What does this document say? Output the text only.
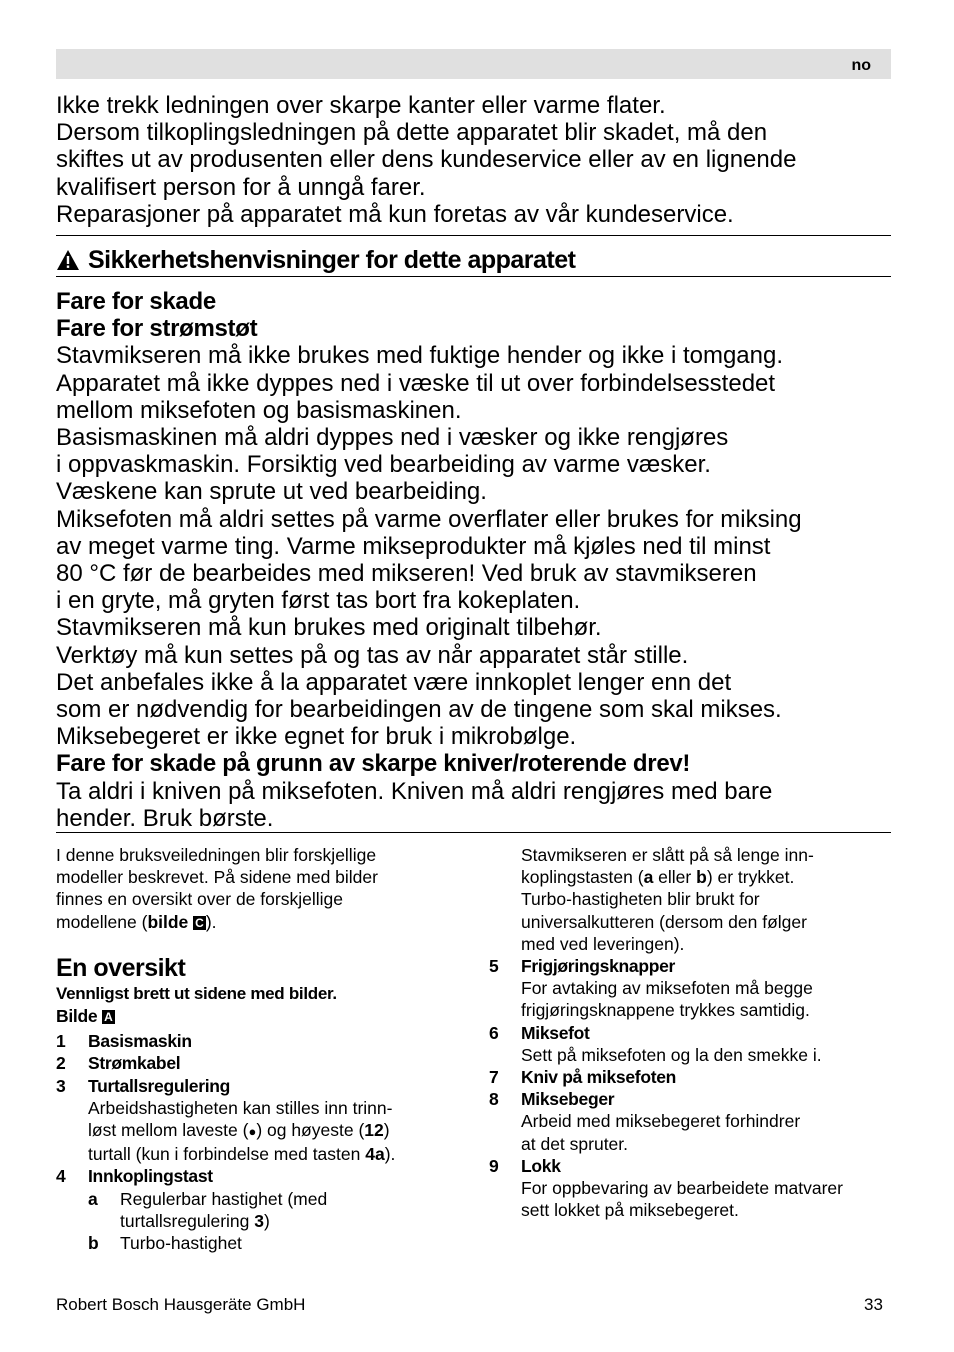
no

Ikke trekk ledningen over skarpe kanter eller varme flater.

Dersom tilkoplingsledningen på dette apparatet blir skadet, må den

skiftes ut av produsenten eller dens kundeservice eller av en lignende

kvalifisert person for å unngå farer.

Reparasjoner på apparatet må kun foretas av vår kundeservice.

Sikkerhetshenvisninger for dette apparatet

Fare for skade

Fare for strømstøt

Stavmikseren må ikke brukes med fuktige hender og ikke i tomgang.

Apparatet må ikke dyppes ned i væske til ut over forbindelsesstedet

mellom miksefoten og basismaskinen.

Basismaskinen må aldri dyppes ned i væsker og ikke rengjøres

i oppvaskmaskin. Forsiktig ved bearbeiding av varme væsker.

Væskene kan sprute ut ved bearbeiding.

Miksefoten må aldri settes på varme overflater eller brukes for miksing

av meget varme ting. Varme mikseprodukter må kjøles ned til minst

80 °C før de bearbeides med mikseren! Ved bruk av stavmikseren

i en gryte, må gryten først tas bort fra kokeplaten.

Stavmikseren må kun brukes med originalt tilbehør.

Verktøy må kun settes på og tas av når apparatet står stille.

Det anbefales ikke å la apparatet være innkoplet lenger enn det

som er nødvendig for bearbeidingen av de tingene som skal mikses.

Miksebegeret er ikke egnet for bruk i mikrobølge.

Fare for skade på grunn av skarpe kniver/roterende drev!

Ta aldri i kniven på miksefoten. Kniven må aldri rengjøres med bare

hender. Bruk børste.

I denne bruksveiledningen blir forskjellige

modeller beskrevet. På sidene med bilder

finnes en oversikt over de forskjellige

modellene (bilde C ).

En oversikt

Vennligst brett ut sidene med bilder.

Bilde A

1	Basismaskin
2	Strømkabel
3	Turtallsregulering
Arbeidshastigheten kan stilles inn trinn-
løst mellom laveste (●) og høyeste (12)
turtall (kun i forbindelse med tasten 4a).
4	Innkoplingstast
a	Regulerbar hastighet (med
turtallsregulering 3)
b	Turbo-hastighet
Stavmikseren er slått på så lenge inn-
koplingstasten (a eller b) er trykket.
Turbo-hastigheten blir brukt for
universalkutteren (dersom den følger
med ved leveringen).
5	Frigjøringsknapper
For avtaking av miksefoten må begge
frigjøringsknappene trykkes samtidig.
6	Miksefot
Sett på miksefoten og la den smekke i.
7	Kniv på miksefoten
8	Miksebeger
Arbeid med miksebegeret forhindrer
at det spruter.
9	Lokk
For oppbevaring av bearbeidete matvarer
sett lokket på miksebegeret.
Robert Bosch Hausgeräte GmbH	33
